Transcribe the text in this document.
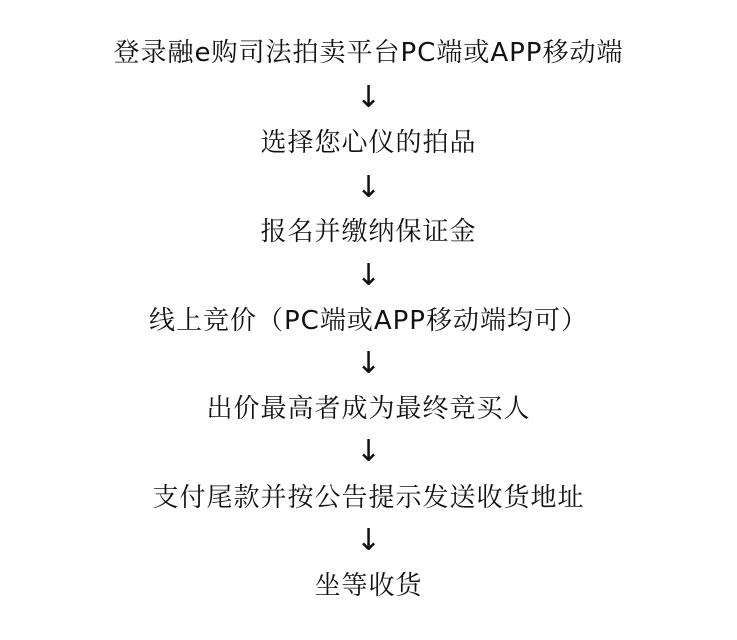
登录融e购司法拍卖平台PC端或APP移动端
↓
选择您心仪的拍品
↓
报名并缴纳保证金
↓
线上竞价（PC端或APP移动端均可）
↓
出价最高者成为最终竞买人
↓
支付尾款并按公告提示发送收货地址
↓
坐等收货
